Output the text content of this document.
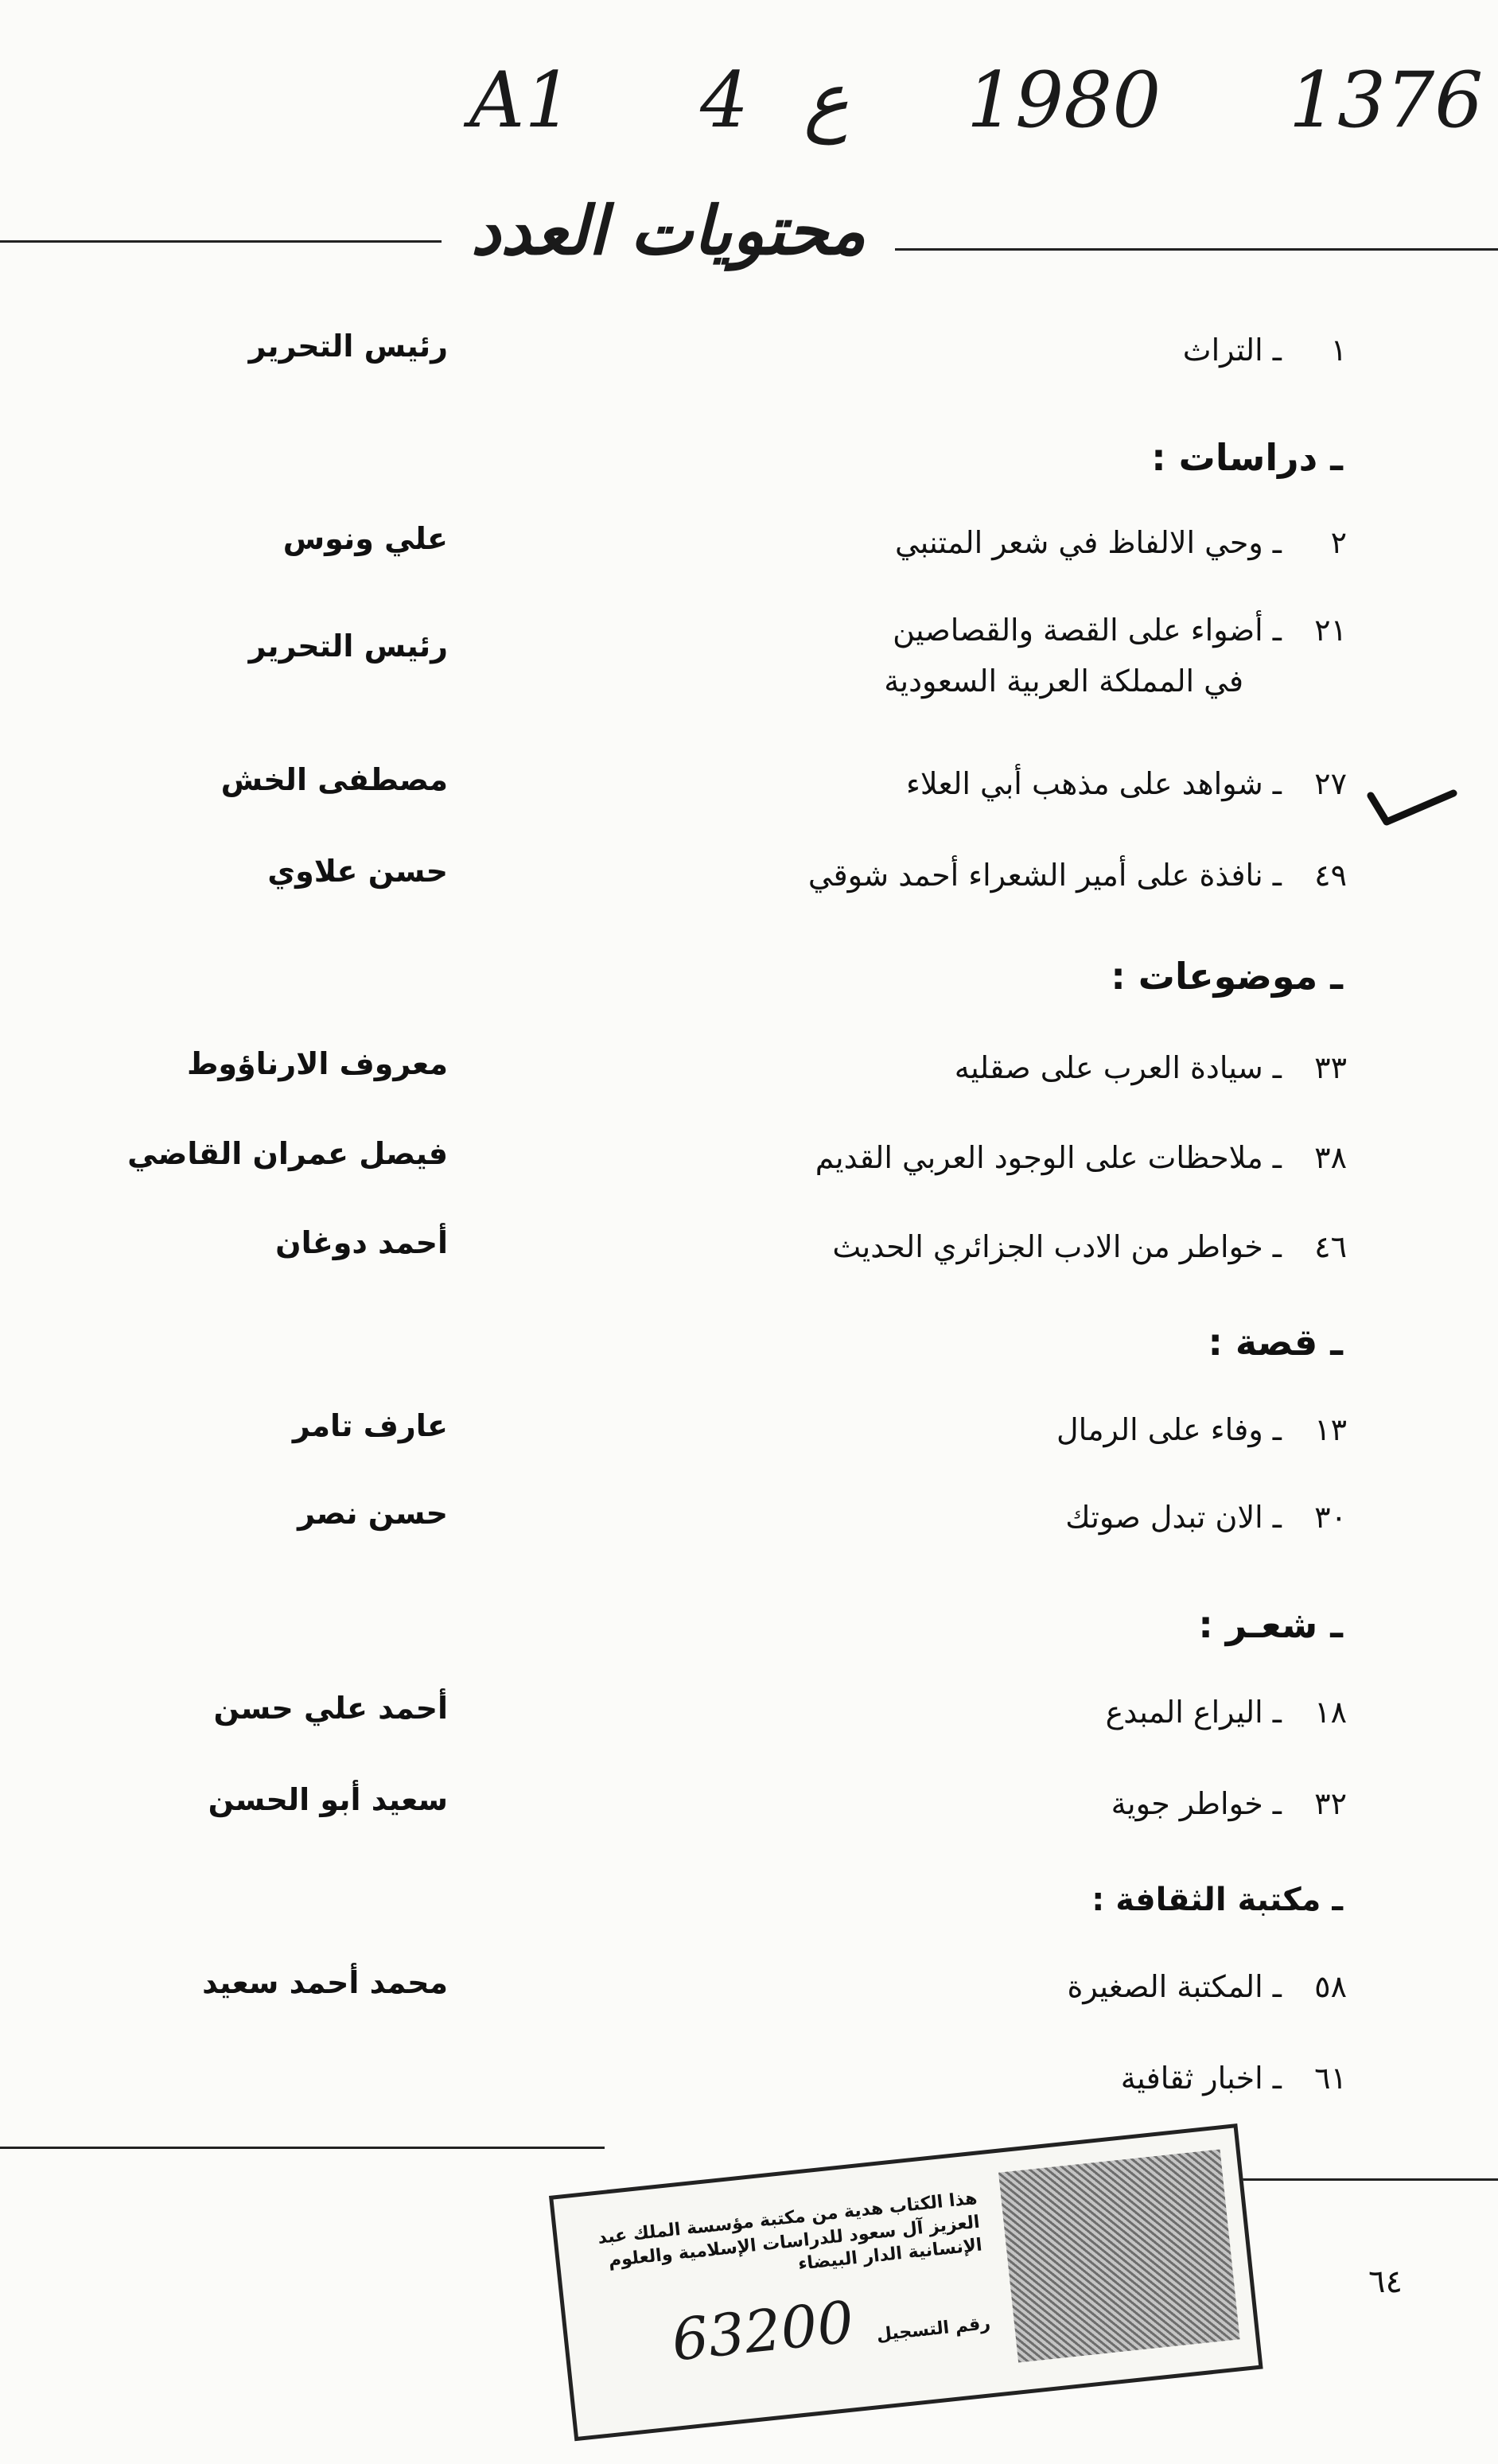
A1 4 ع 1980 1376
محتويات العدد
١ ـ التراث
رئيس التحرير
ـ دراسات :
٢ ـ وحي الالفاظ في شعر المتنبي
علي ونوس
٢١ ـ أضواء على القصة والقصاصين
في المملكة العربية السعودية
رئيس التحرير
٢٧ ـ شواهد على مذهب أبي العلاء
مصطفى الخش
٤٩ ـ نافذة على أمير الشعراء أحمد شوقي
حسن علاوي
ـ موضوعات :
٣٣ ـ سيادة العرب على صقليه
معروف الارناؤوط
٣٨ ـ ملاحظات على الوجود العربي القديم
فيصل عمران القاضي
٤٦ ـ خواطر من الادب الجزائري الحديث
أحمد دوغان
ـ قصة :
١٣ ـ وفاء على الرمال
عارف تامر
٣٠ ـ الان تبدل صوتك
حسن نصر
ـ شعـر :
١٨ ـ اليراع المبدع
أحمد علي حسن
٣٢ ـ خواطر جوية
سعيد أبو الحسن
ـ مكتبة الثقافة :
٥٨ ـ المكتبة الصغيرة
محمد أحمد سعيد
٦١ ـ اخبار ثقافية
هذا الكتاب هدية من مكتبة مؤسسة الملك عبد العزيز آل سعود للدراسات الإسلامية والعلوم الإنسانية الدار البيضاء
رقم التسجيل
63200
٦٤
